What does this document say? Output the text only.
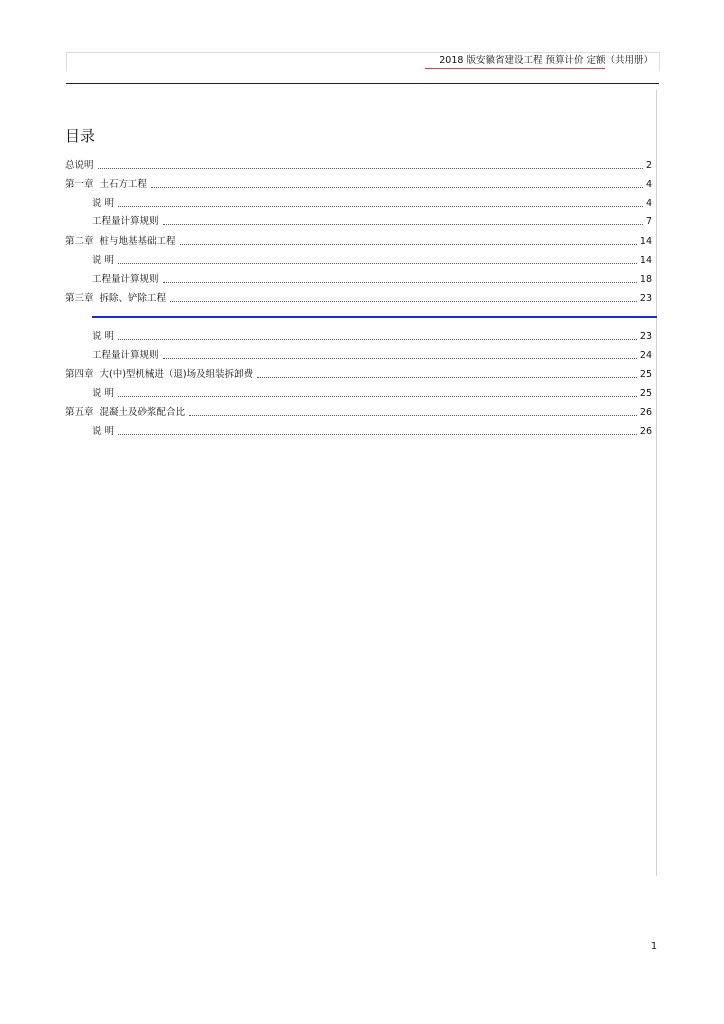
2018 版安徽省建设工程 预算计价 定额（共用册）
目录
总说明	2
第一章 土石方工程	4
说 明	4
工程量计算规则	7
第二章 桩与地基基础工程	14
说 明	14
工程量计算规则	18
第三章 拆除、铲除工程	23
说 明	23
工程量计算规则	24
第四章 大(中)型机械进（退)场及组装拆卸费	25
说 明	25
第五章 混凝土及砂浆配合比	26
说 明	26
1
